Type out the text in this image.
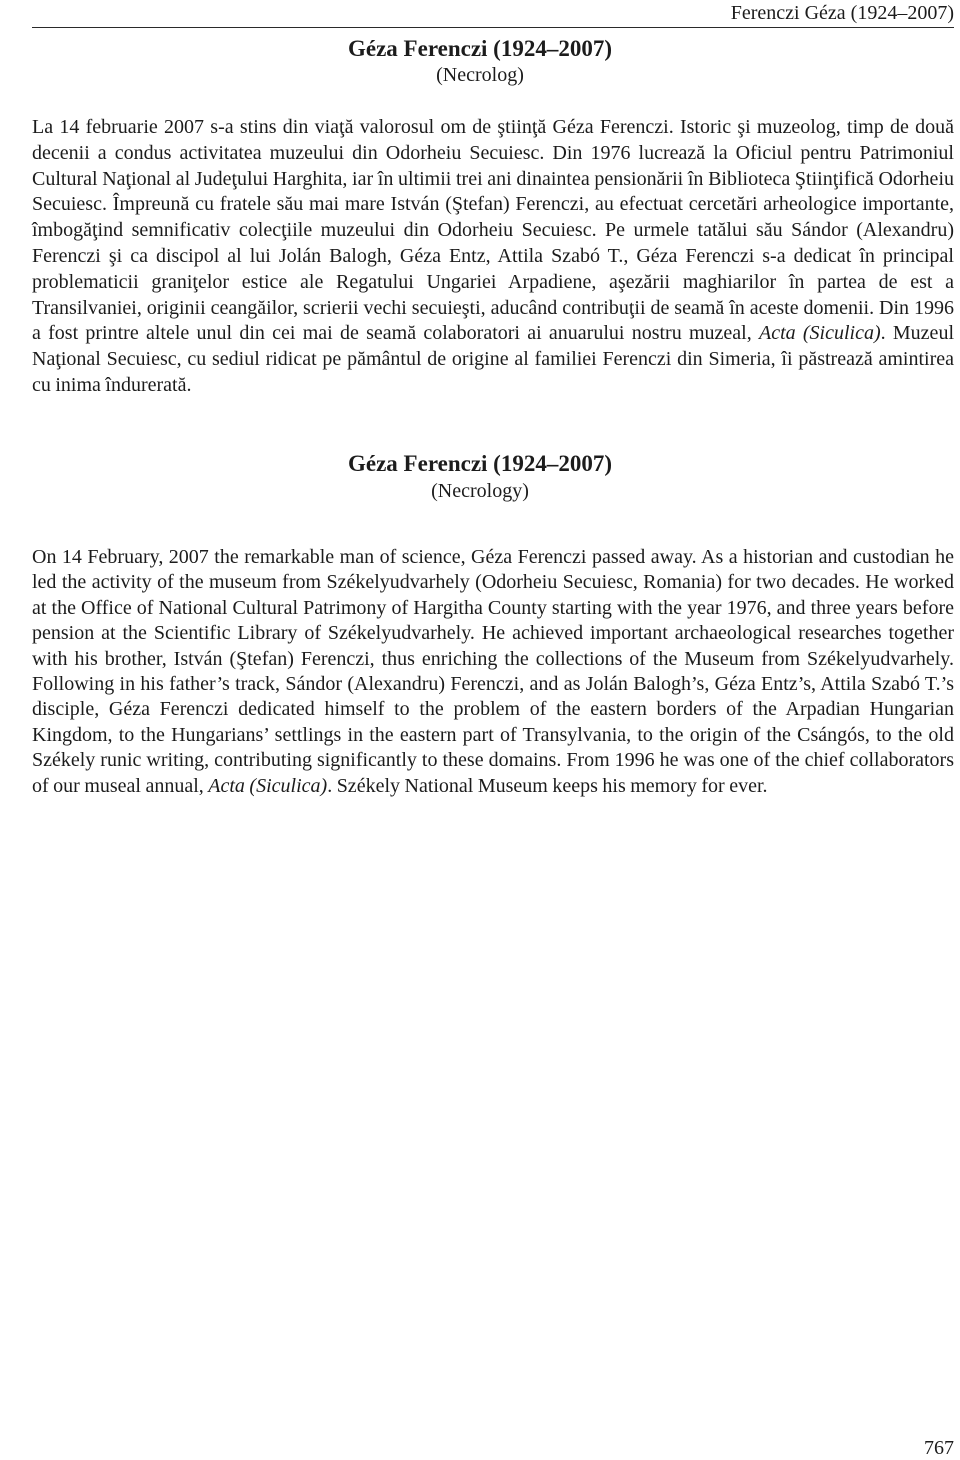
Ferenczi Géza (1924–2007)
Géza Ferenczi (1924–2007)
(Necrolog)

La 14 februarie 2007 s-a stins din viaţă valorosul om de ştiinţă Géza Ferenczi. Istoric şi muzeolog, timp de două decenii a condus activitatea muzeului din Odorheiu Secuiesc. Din 1976 lucrează la Oficiul pentru Patrimoniul Cultural Naţional al Judeţului Harghita, iar în ultimii trei ani dinaintea pensionării în Biblioteca Ştiinţifică Odorheiu Secuiesc. Împreună cu fratele său mai mare István (Ştefan) Ferenczi, au efectuat cercetări arheologice importante, îmbogăţind semnificativ colecţiile muzeului din Odorheiu Secuiesc. Pe urmele tatălui său Sándor (Alexandru) Ferenczi şi ca discipol al lui Jolán Balogh, Géza Entz, Attila Szabó T., Géza Ferenczi s-a dedicat în principal problematicii graniţelor estice ale Regatului Ungariei Arpadiene, aşezării maghiarilor în partea de est a Transilvaniei, originii ceangăilor, scrierii vechi secuieşti, aducând contribuţii de seamă în aceste domenii. Din 1996 a fost printre altele unul din cei mai de seamă colaboratori ai anuarului nostru muzeal, Acta (Siculica). Muzeul Naţional Secuiesc, cu sediul ridicat pe pământul de origine al familiei Ferenczi din Simeria, îi păstrează amintirea cu inima îndurerată.

Géza Ferenczi (1924–2007)
(Necrology)

On 14 February, 2007 the remarkable man of science, Géza Ferenczi passed away. As a historian and custodian he led the activity of the museum from Székelyudvarhely (Odorheiu Secuiesc, Romania) for two decades. He worked at the Office of National Cultural Patrimony of Hargitha County starting with the year 1976, and three years before pension at the Scientific Library of Székelyudvarhely. He achieved important archaeological researches together with his brother, István (Ştefan) Ferenczi, thus enriching the collections of the Museum from Székelyudvarhely. Following in his father’s track, Sándor (Alexandru) Ferenczi, and as Jolán Balogh’s, Géza Entz’s, Attila Szabó T.’s disciple, Géza Ferenczi dedicated himself to the problem of the eastern borders of the Arpadian Hungarian Kingdom, to the Hungarians’ settlings in the eastern part of Transylvania, to the origin of the Csángós, to the old Székely runic writing, contributing significantly to these domains. From 1996 he was one of the chief collaborators of our museal annual, Acta (Siculica). Székely National Museum keeps his memory for ever.

767
